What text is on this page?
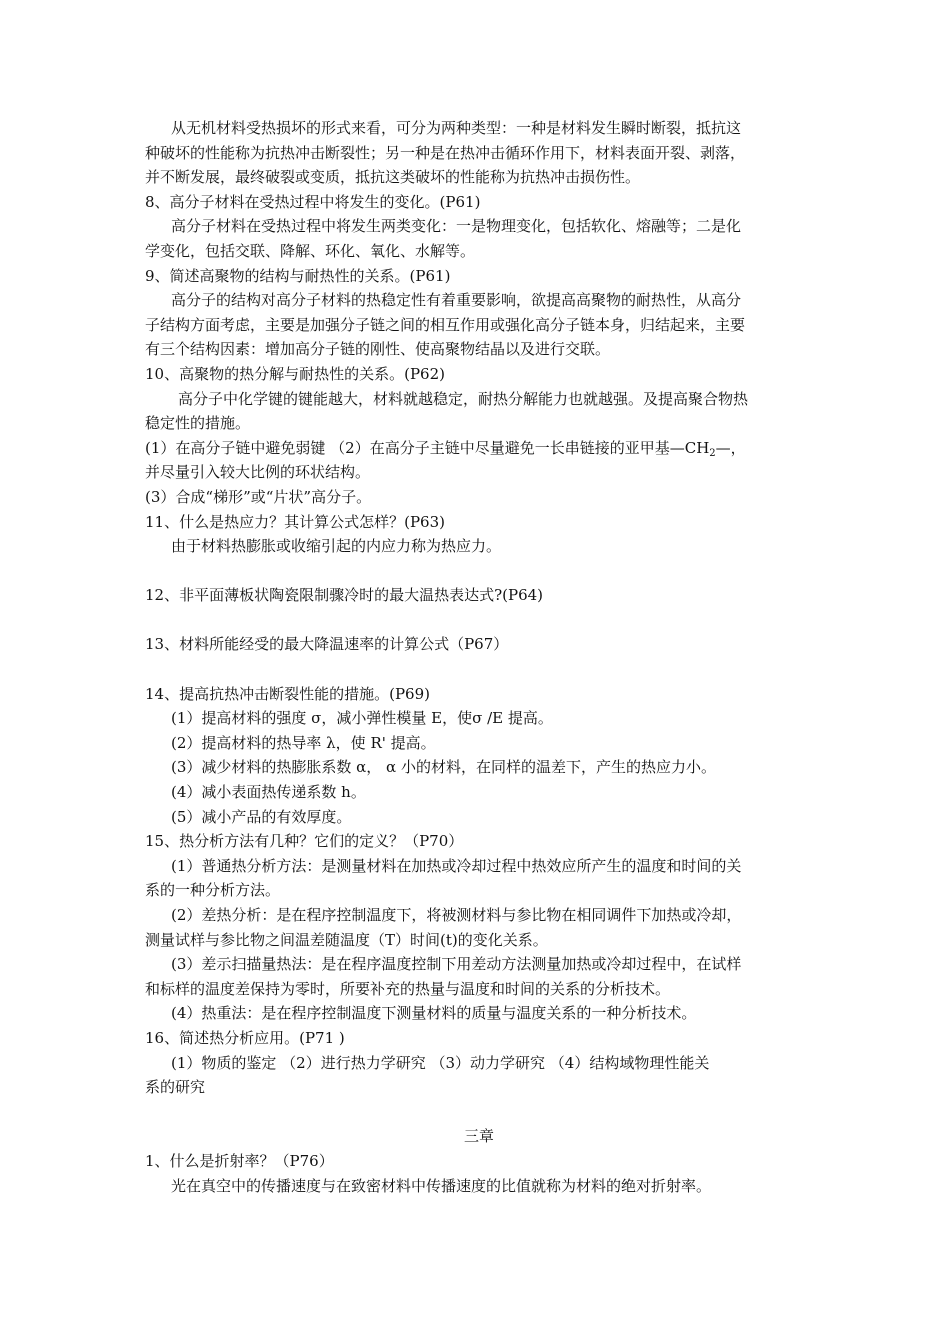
从无机材料受热损坏的形式来看，可分为两种类型：一种是材料发生瞬时断裂，抵抗这
种破坏的性能称为抗热冲击断裂性；另一种是在热冲击循环作用下，材料表面开裂、剥落，
并不断发展，最终破裂或变质，抵抗这类破坏的性能称为抗热冲击损伤性。
8、高分子材料在受热过程中将发生的变化。(P61)
高分子材料在受热过程中将发生两类变化：一是物理变化，包括软化、熔融等；二是化
学变化，包括交联、降解、环化、氧化、水解等。
9、简述高聚物的结构与耐热性的关系。(P61)
高分子的结构对高分子材料的热稳定性有着重要影响，欲提高高聚物的耐热性，从高分
子结构方面考虑，主要是加强分子链之间的相互作用或强化高分子链本身，归结起来，主要
有三个结构因素：增加高分子链的刚性、使高聚物结晶以及进行交联。
10、高聚物的热分解与耐热性的关系。(P62)
高分子中化学键的键能越大，材料就越稳定，耐热分解能力也就越强。及提高聚合物热
稳定性的措施。
(1）在高分子链中避免弱键 （2）在高分子主链中尽量避免一长串链接的亚甲基$—CH_2—$，
并尽量引入较大比例的环状结构。
(3）合成“梯形”或“片状”高分子。
11、什么是热应力？其计算公式怎样？(P63)
由于材料热膨胀或收缩引起的内应力称为热应力。
12、非平面薄板状陶瓷限制骤冷时的最大温热表达式?(P64)
13、材料所能经受的最大降温速率的计算公式（P67）
14、提高抗热冲击断裂性能的措施。(P69)
(1）提高材料的强度 σ，减小弹性模量 E，使σ /E 提高。
(2）提高材料的热导率 λ，使 R' 提高。
(3）减少材料的热膨胀系数 α， α 小的材料，在同样的温差下，产生的热应力小。
(4）减小表面热传递系数 h。
(5）减小产品的有效厚度。
15、热分析方法有几种？它们的定义？（P70）
(1）普通热分析方法：是测量材料在加热或冷却过程中热效应所产生的温度和时间的关
系的一种分析方法。
(2）差热分析：是在程序控制温度下，将被测材料与参比物在相同调件下加热或冷却，
测量试样与参比物之间温差随温度（T）时间(t)的变化关系。
(3）差示扫描量热法：是在程序温度控制下用差动方法测量加热或冷却过程中，在试样
和标样的温度差保持为零时，所要补充的热量与温度和时间的关系的分析技术。
(4）热重法：是在程序控制温度下测量材料的质量与温度关系的一种分析技术。
16、简述热分析应用。(P71 )
(1）物质的鉴定 （2）进行热力学研究 （3）动力学研究 （4）结构域物理性能关
系的研究
三章
1、什么是折射率？（P76）
光在真空中的传播速度与在致密材料中传播速度的比值就称为材料的绝对折射率。
